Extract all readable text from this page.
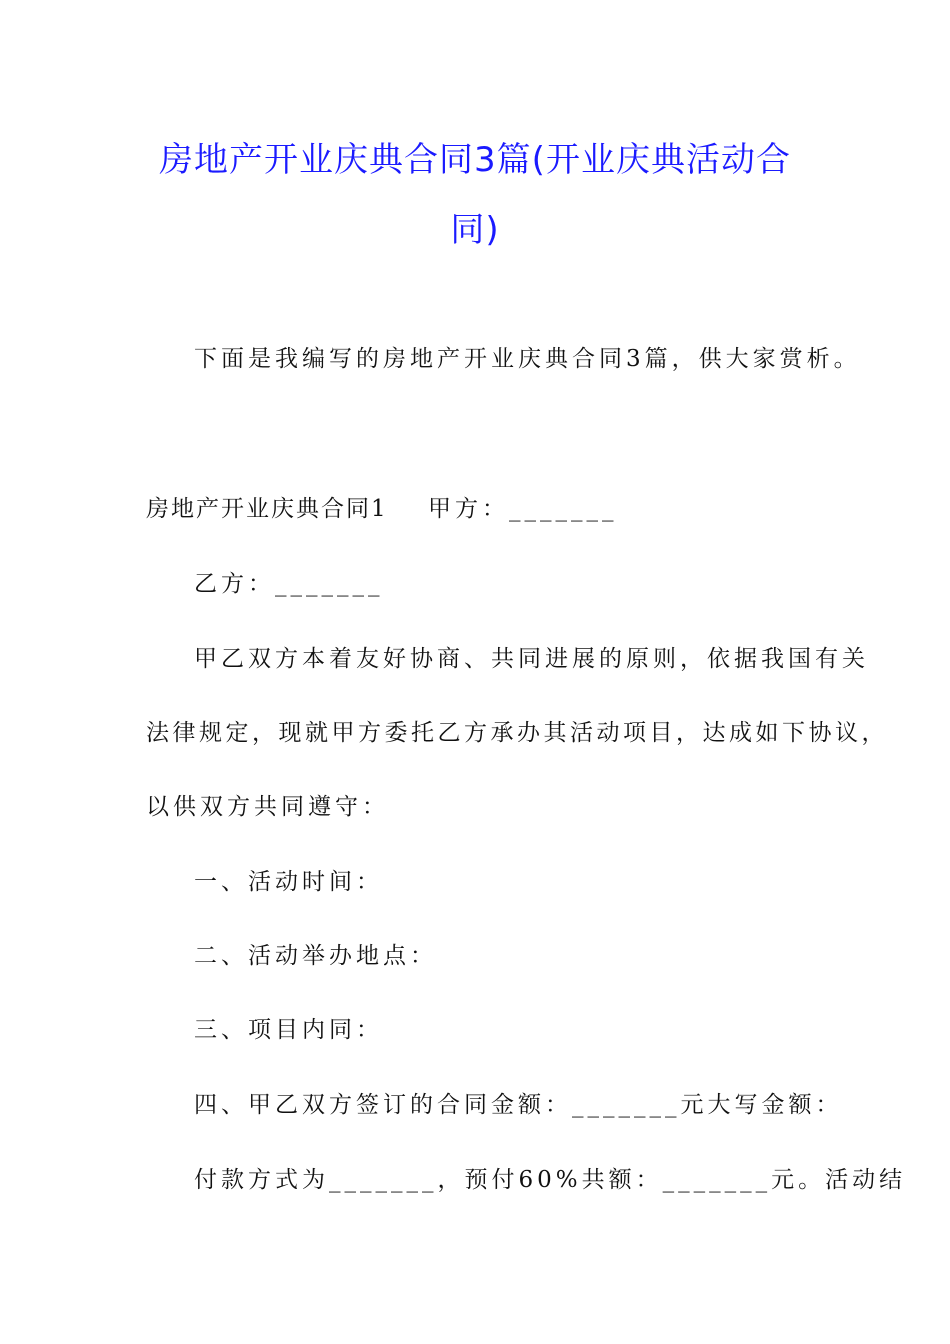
房地产开业庆典合同3篇(开业庆典活动合
同)
下面是我编写的房地产开业庆典合同3篇，供大家赏析。
房地产开业庆典合同1 甲方：_______
乙方：_______
甲乙双方本着友好协商、共同进展的原则，依据我国有关
法律规定，现就甲方委托乙方承办其活动项目，达成如下协议，
以供双方共同遵守：
一、活动时间：
二、活动举办地点：
三、项目内同：
四、甲乙双方签订的合同金额：_______元大写金额：
付款方式为_______，预付60%共额：_______元。活动结
